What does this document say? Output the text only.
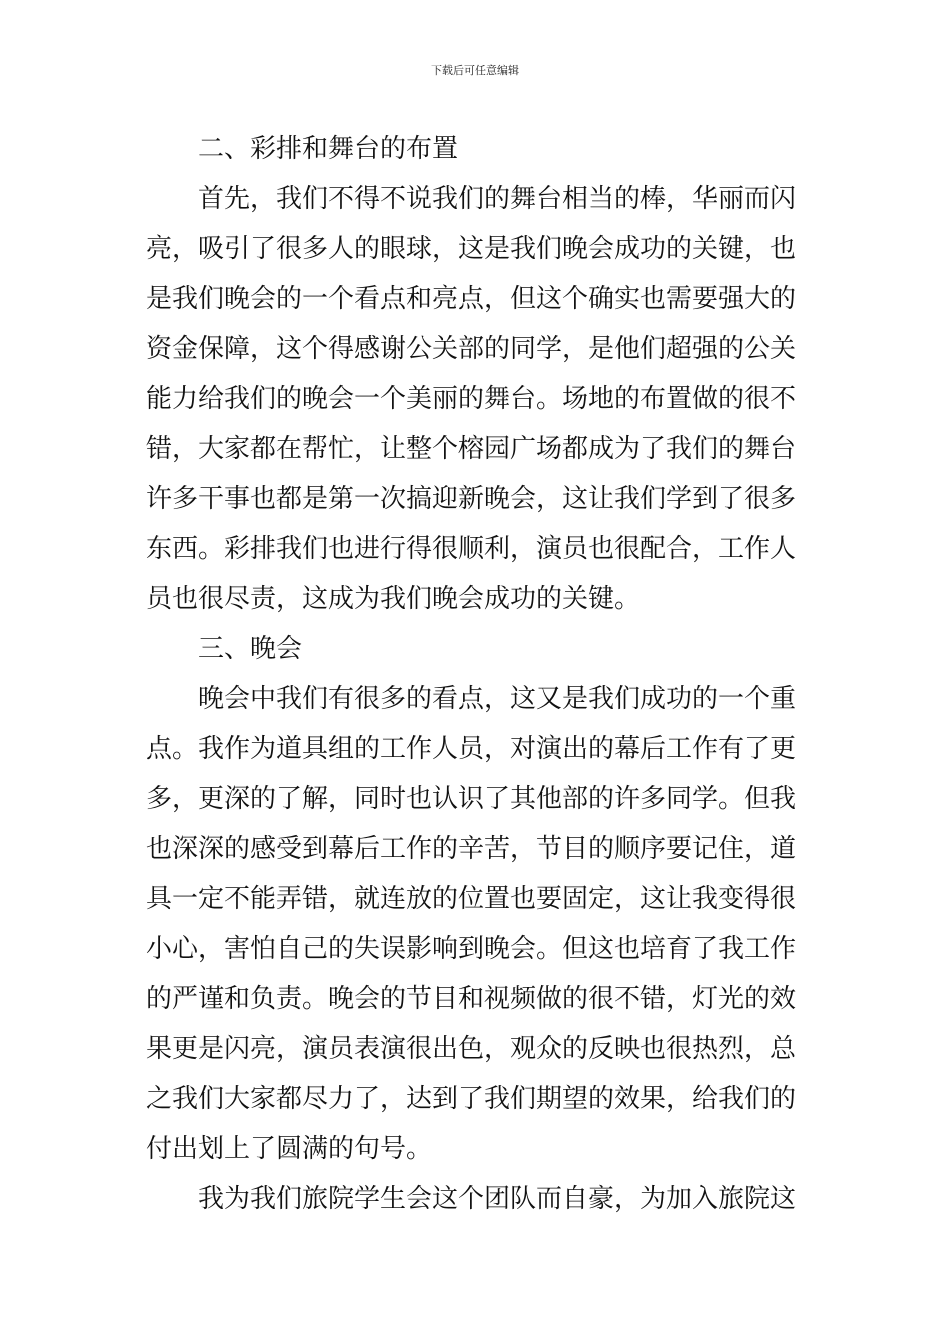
下载后可任意编辑
二、彩排和舞台的布置
首先，我们不得不说我们的舞台相当的棒，华丽而闪
亮，吸引了很多人的眼球，这是我们晚会成功的关键，也
是我们晚会的一个看点和亮点，但这个确实也需要强大的
资金保障，这个得感谢公关部的同学，是他们超强的公关
能力给我们的晚会一个美丽的舞台。场地的布置做的很不
错，大家都在帮忙，让整个榕园广场都成为了我们的舞台
许多干事也都是第一次搞迎新晚会，这让我们学到了很多
东西。彩排我们也进行得很顺利，演员也很配合，工作人
员也很尽责，这成为我们晚会成功的关键。
三、晚会
晚会中我们有很多的看点，这又是我们成功的一个重
点。我作为道具组的工作人员，对演出的幕后工作有了更
多，更深的了解，同时也认识了其他部的许多同学。但我
也深深的感受到幕后工作的辛苦，节目的顺序要记住，道
具一定不能弄错，就连放的位置也要固定，这让我变得很
小心，害怕自己的失误影响到晚会。但这也培育了我工作
的严谨和负责。晚会的节目和视频做的很不错，灯光的效
果更是闪亮，演员表演很出色，观众的反映也很热烈，总
之我们大家都尽力了，达到了我们期望的效果，给我们的
付出划上了圆满的句号。
我为我们旅院学生会这个团队而自豪，为加入旅院这
